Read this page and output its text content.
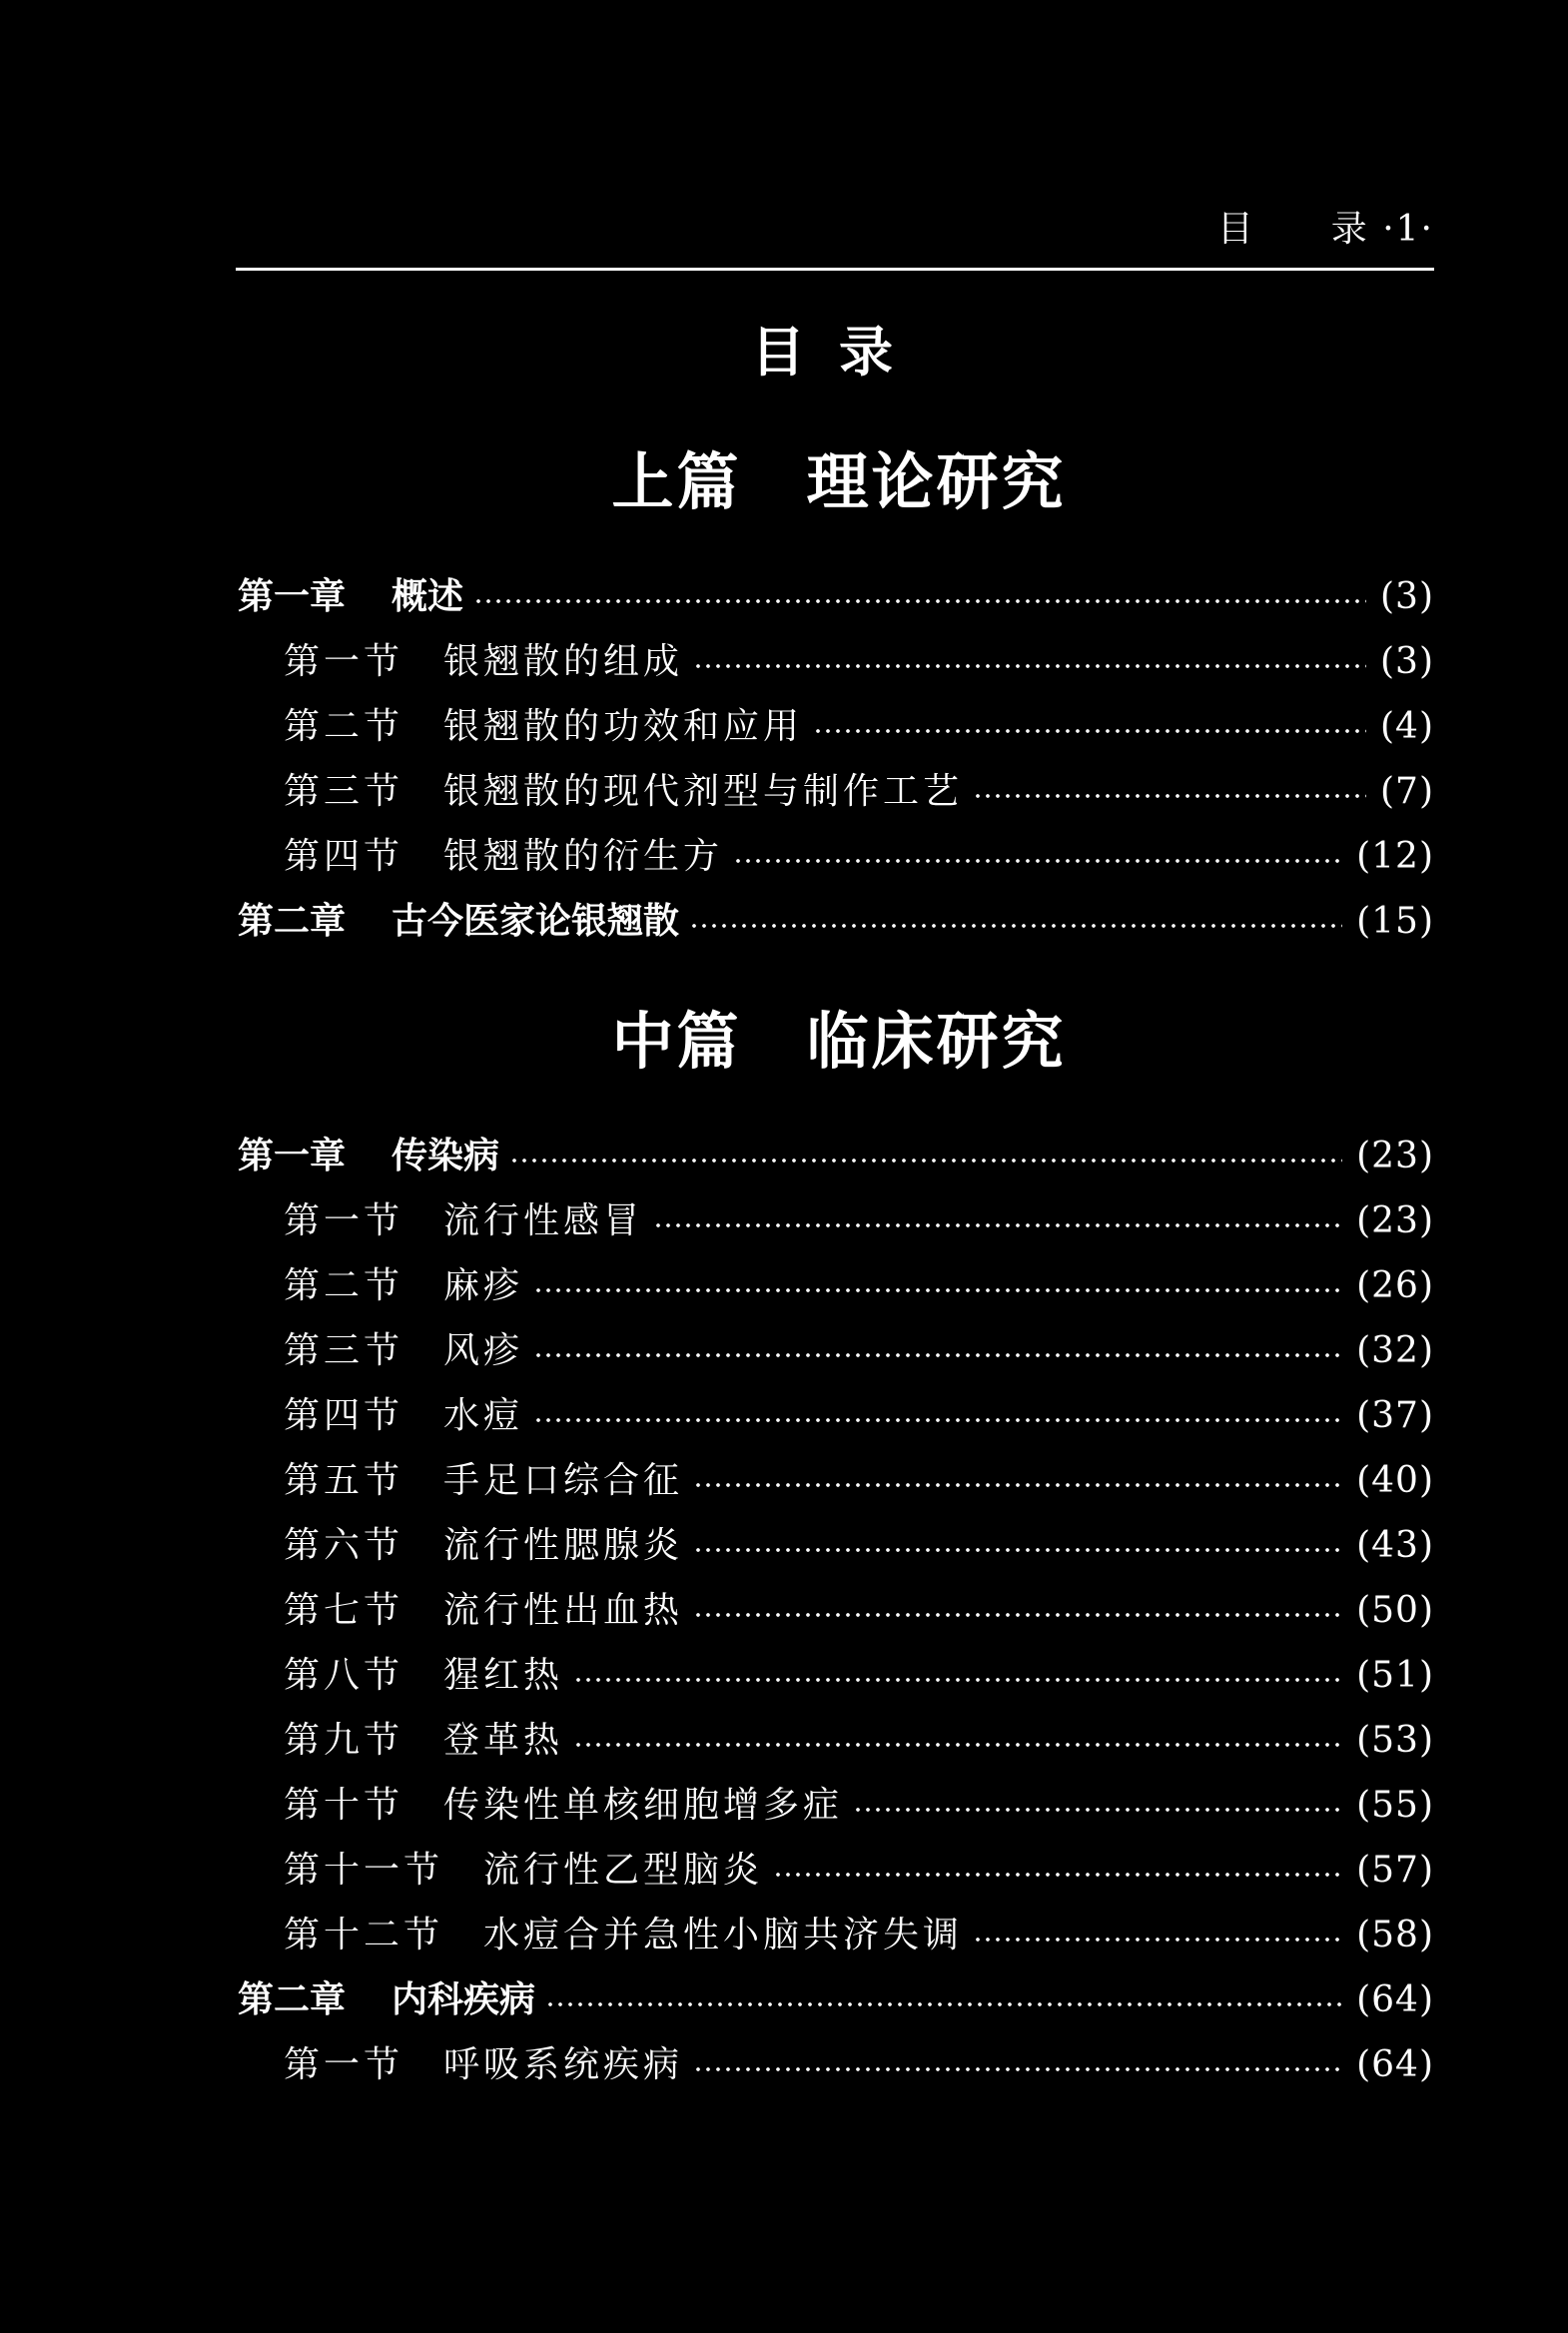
目　　录 ·1·
目录
上篇　理论研究
第一章 概述	(3)
第一节 银翘散的组成	(3)
第二节 银翘散的功效和应用	(4)
第三节 银翘散的现代剂型与制作工艺	(7)
第四节 银翘散的衍生方	(12)
第二章 古今医家论银翘散	(15)
中篇　临床研究
第一章 传染病	(23)
第一节 流行性感冒	(23)
第二节 麻疹	(26)
第三节 风疹	(32)
第四节 水痘	(37)
第五节 手足口综合征	(40)
第六节 流行性腮腺炎	(43)
第七节 流行性出血热	(50)
第八节 猩红热	(51)
第九节 登革热	(53)
第十节 传染性单核细胞增多症	(55)
第十一节 流行性乙型脑炎	(57)
第十二节 水痘合并急性小脑共济失调	(58)
第二章 内科疾病	(64)
第一节 呼吸系统疾病	(64)
